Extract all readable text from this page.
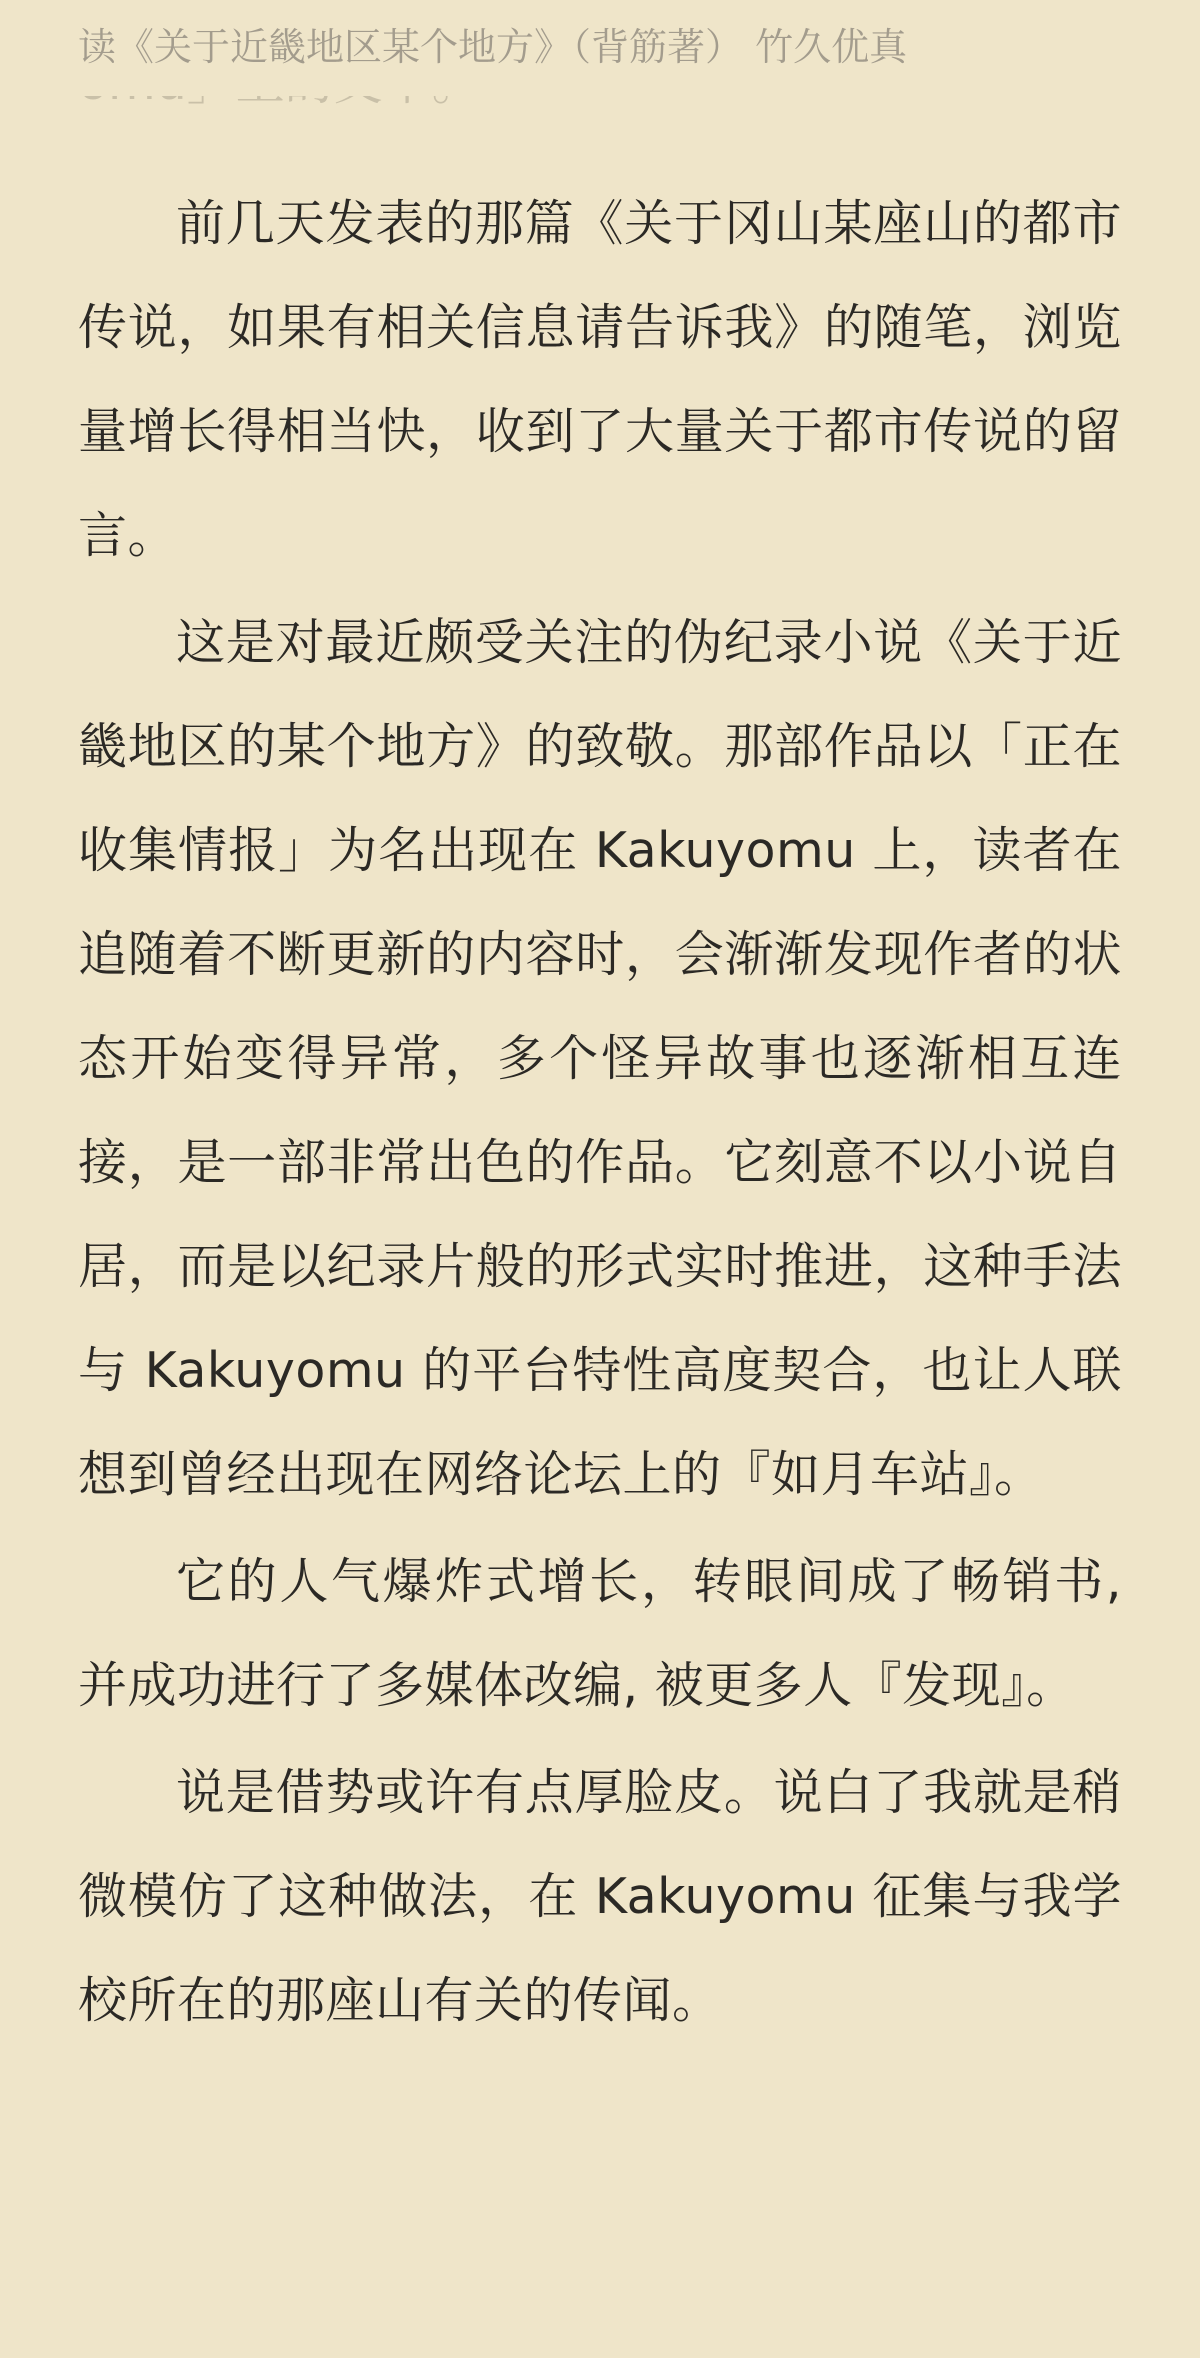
读《关于近畿地区某个地方》（背筋著） 竹久优真

前几天发表的那篇《关于冈山某座山的都市传说，如果有相关信息请告诉我》的随笔，浏览量增长得相当快，收到了大量关于都市传说的留言。

这是对最近颇受关注的伪纪录小说《关于近畿地区的某个地方》的致敬。那部作品以「正在收集情报」为名出现在 Kakuyomu 上，读者在追随着不断更新的内容时，会渐渐发现作者的状态开始变得异常，多个怪异故事也逐渐相互连接，是一部非常出色的作品。它刻意不以小说自居，而是以纪录片般的形式实时推进，这种手法与 Kakuyomu 的平台特性高度契合，也让人联想到曾经出现在网络论坛上的『如月车站』。

它的人气爆炸式增长，转眼间成了畅销书, 并成功进行了多媒体改编, 被更多人『发现』。

说是借势或许有点厚脸皮。说白了我就是稍微模仿了这种做法，在 Kakuyomu 征集与我学校所在的那座山有关的传闻。
